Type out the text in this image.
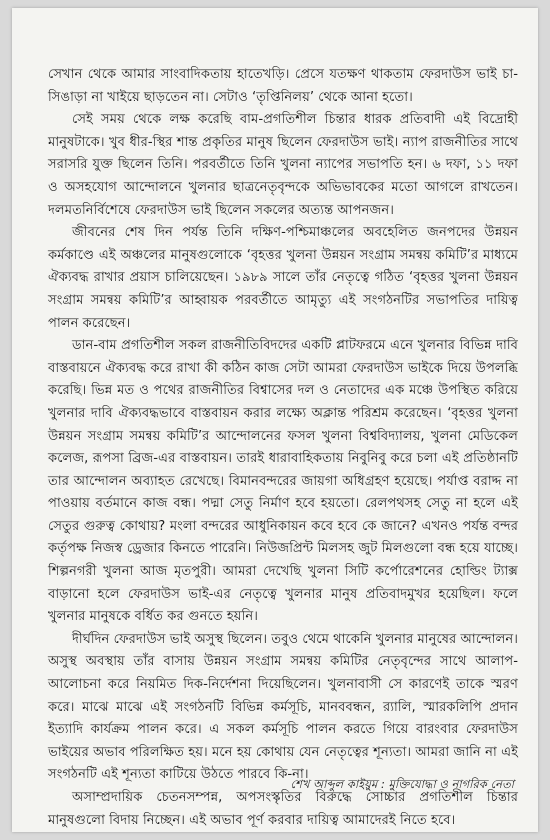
সেখান থেকে আমার সাংবাদিকতায় হাতেখড়ি। প্রেসে যতক্ষণ থাকতাম ফেরদাউস ভাই চা-সিঙাড়া না খাইয়ে ছাড়তেন না। সেটাও ‘তৃপ্তিনিলয়’ থেকে আনা হতো।

সেই সময় থেকে লক্ষ করেছি বাম-প্রগতিশীল চিন্তার ধারক প্রতিবাদী এই বিদ্রোহী মানুষটাকে। খুব ধীর-স্থির শান্ত প্রকৃতির মানুষ ছিলেন ফেরদাউস ভাই। ন্যাপ রাজনীতির সাথে সরাসরি যুক্ত ছিলেন তিনি। পরবর্তীতে তিনি খুলনা ন্যাপের সভাপতি হন। ৬ দফা, ১১ দফা ও অসহযোগ আন্দোলনে খুলনার ছাত্রনেতৃবৃন্দকে অভিভাবকের মতো আগলে রাখতেন। দলমতনির্বিশেষে ফেরদাউস ভাই ছিলেন সকলের অত্যন্ত আপনজন।

জীবনের শেষ দিন পর্যন্ত তিনি দক্ষিণ-পশ্চিমাঞ্চলের অবহেলিত জনপদের উন্নয়ন কর্মকাণ্ডে এই অঞ্চলের মানুষগুলোকে ‘বৃহত্তর খুলনা উন্নয়ন সংগ্রাম সমন্বয় কমিটি’র মাধ্যমে ঐক্যবদ্ধ রাখার প্রয়াস চালিয়েছেন। ১৯৮৯ সালে তাঁর নেতৃত্বে গঠিত ‘বৃহত্তর খুলনা উন্নয়ন সংগ্রাম সমন্বয় কমিটি’র আহ্বায়ক পরবর্তীতে আমৃত্যু এই সংগঠনটির সভাপতির দায়িত্ব পালন করেছেন।

ডান-বাম প্রগতিশীল সকল রাজনীতিবিদদের একটি প্লাটফরমে এনে খুলনার বিভিন্ন দাবি বাস্তবায়নে ঐক্যবদ্ধ করে রাখা কী কঠিন কাজ সেটা আমরা ফেরদাউস ভাইকে দিয়ে উপলব্ধি করেছি। ভিন্ন মত ও পথের রাজনীতির বিশ্বাসের দল ও নেতাদের এক মঞ্চে উপস্থিত করিয়ে খুলনার দাবি ঐক্যবদ্ধভাবে বাস্তবায়ন করার লক্ষ্যে অক্লান্ত পরিশ্রম করেছেন। ‘বৃহত্তর খুলনা উন্নয়ন সংগ্রাম সমন্বয় কমিটি’র আন্দোলনের ফসল খুলনা বিশ্ববিদ্যালয়, খুলনা মেডিকেল কলেজ, রূপসা ব্রিজ-এর বাস্তবায়ন। তারই ধারাবাহিকতায় নিবুনিবু করে চলা এই প্রতিষ্ঠানটি তার আন্দোলন অব্যাহত রেখেছে। বিমানবন্দরের জায়গা অধিগ্রহণ হয়েছে। পর্যাপ্ত বরাদ্দ না পাওয়ায় বর্তমানে কাজ বন্ধ। পদ্মা সেতু নির্মাণ হবে হয়তো। রেলপথসহ সেতু না হলে এই সেতুর গুরুত্ব কোথায়? মংলা বন্দরের আধুনিকায়ন কবে হবে কে জানে? এখনও পর্যন্ত বন্দর কর্তৃপক্ষ নিজস্ব ড্রেজার কিনতে পারেনি। নিউজপ্রিন্ট মিলসহ জুট মিলগুলো বন্ধ হয়ে যাচ্ছে। শিল্পনগরী খুলনা আজ মৃতপুরী। আমরা দেখেছি খুলনা সিটি কর্পোরেশনের হোল্ডিং ট্যাক্স বাড়ানো হলে ফেরদাউস ভাই-এর নেতৃত্বে খুলনার মানুষ প্রতিবাদমুখর হয়েছিল। ফলে খুলনার মানুষকে বর্ধিত কর গুনতে হয়নি।

দীর্ঘদিন ফেরদাউস ভাই অসুস্থ ছিলেন। তবুও থেমে থাকেনি খুলনার মানুষের আন্দোলন। অসুস্থ অবস্থায় তাঁর বাসায় উন্নয়ন সংগ্রাম সমন্বয় কমিটির নেতৃবৃন্দের সাথে আলাপ-আলোচনা করে নিয়মিত দিক-নির্দেশনা দিয়েছিলেন। খুলনাবাসী সে কারণেই তাকে স্মরণ করে। মাঝে মাঝে এই সংগঠনটি বিভিন্ন কর্মসূচি, মানববন্ধন, র‍্যালি, স্মারকলিপি প্রদান ইত্যাদি কার্যক্রম পালন করে। এ সকল কর্মসূচি পালন করতে গিয়ে বারংবার ফেরদাউস ভাইয়ের অভাব পরিলক্ষিত হয়। মনে হয় কোথায় যেন নেতৃত্বের শূন্যতা। আমরা জানি না এই সংগঠনটি এই শূন্যতা কাটিয়ে উঠতে পারবে কি-না।

অসাম্প্রদায়িক চেতনসম্পন্ন, অপসংস্কৃতির বিরুদ্ধে সোচ্চার প্রগতিশীল চিন্তার মানুষগুলো বিদায় নিচ্ছেন। এই অভাব পূর্ণ করবার দায়িত্ব আমাদেরই নিতে হবে।

শেখ আব্দুল কাইয়ুম : মুক্তিযোদ্ধা ও নাগরিক নেতা
